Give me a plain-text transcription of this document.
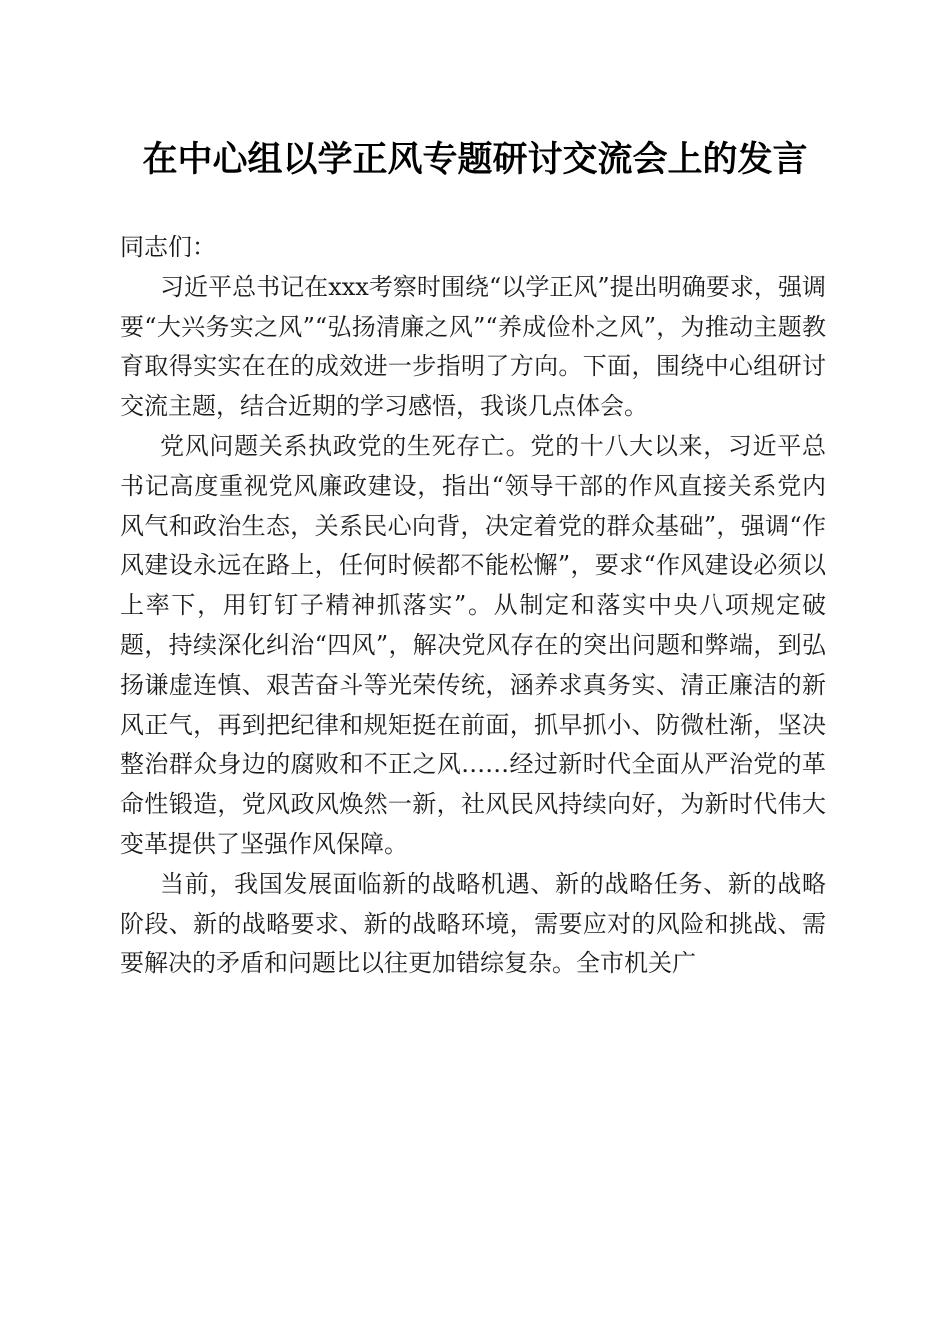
在中心组以学正风专题研讨交流会上的发言

同志们：

习近平总书记在xxx考察时围绕“以学正风”提出明确要求，强调要“大兴务实之风”“弘扬清廉之风”“养成俭朴之风”，为推动主题教育取得实实在在的成效进一步指明了方向。下面，围绕中心组研讨交流主题，结合近期的学习感悟，我谈几点体会。

党风问题关系执政党的生死存亡。党的十八大以来，习近平总书记高度重视党风廉政建设，指出“领导干部的作风直接关系党内风气和政治生态，关系民心向背，决定着党的群众基础”，强调“作风建设永远在路上，任何时候都不能松懈”，要求“作风建设必须以上率下，用钉钉子精神抓落实”。从制定和落实中央八项规定破题，持续深化纠治“四风”，解决党风存在的突出问题和弊端，到弘扬谦虚连慎、艰苦奋斗等光荣传统，涵养求真务实、清正廉洁的新风正气，再到把纪律和规矩挺在前面，抓早抓小、防微杜渐，坚决整治群众身边的腐败和不正之风……经过新时代全面从严治党的革命性锻造，党风政风焕然一新，社风民风持续向好，为新时代伟大变革提供了坚强作风保障。

当前，我国发展面临新的战略机遇、新的战略任务、新的战略阶段、新的战略要求、新的战略环境，需要应对的风险和挑战、需要解决的矛盾和问题比以往更加错综复杂。全市机关广
